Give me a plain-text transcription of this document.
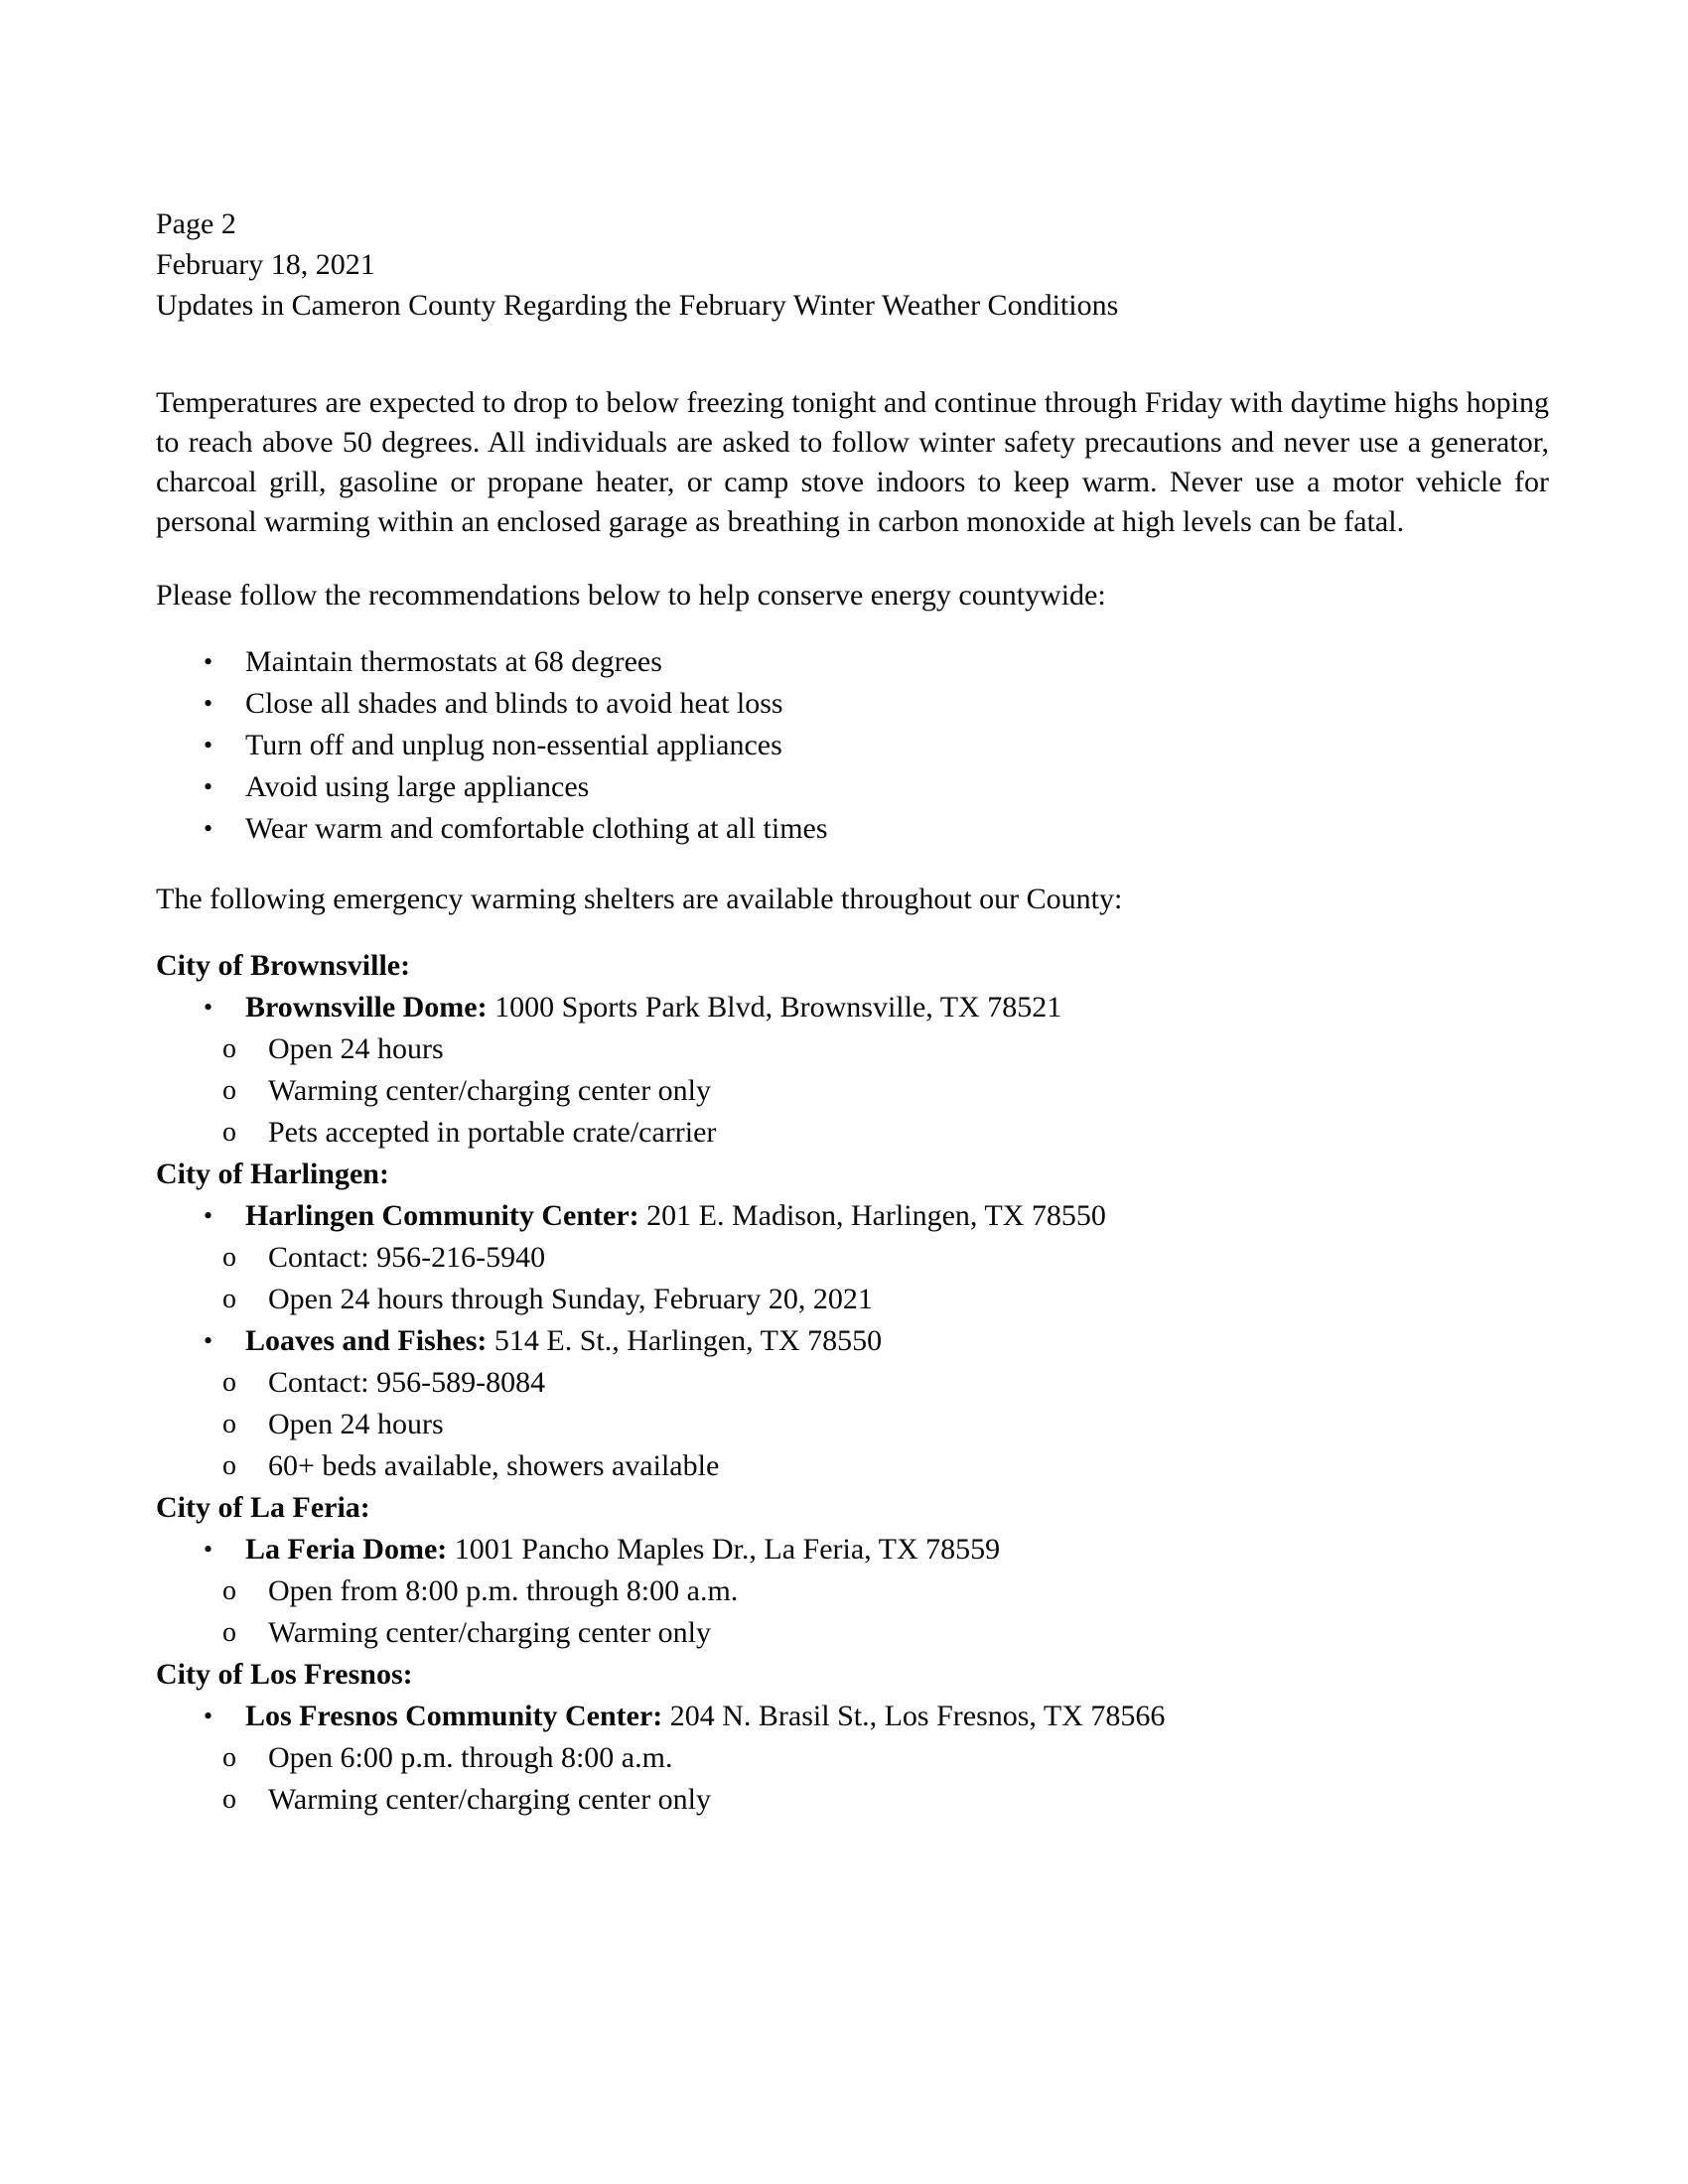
Page 2
February 18, 2021
Updates in Cameron County Regarding the February Winter Weather Conditions

Temperatures are expected to drop to below freezing tonight and continue through Friday with daytime highs hoping to reach above 50 degrees. All individuals are asked to follow winter safety precautions and never use a generator, charcoal grill, gasoline or propane heater, or camp stove indoors to keep warm. Never use a motor vehicle for personal warming within an enclosed garage as breathing in carbon monoxide at high levels can be fatal.

Please follow the recommendations below to help conserve energy countywide:

• Maintain thermostats at 68 degrees
• Close all shades and blinds to avoid heat loss
• Turn off and unplug non-essential appliances
• Avoid using large appliances
• Wear warm and comfortable clothing at all times

The following emergency warming shelters are available throughout our County:

City of Brownsville:
• Brownsville Dome: 1000 Sports Park Blvd, Brownsville, TX 78521
o Open 24 hours
o Warming center/charging center only
o Pets accepted in portable crate/carrier
City of Harlingen:
• Harlingen Community Center: 201 E. Madison, Harlingen, TX 78550
o Contact: 956-216-5940
o Open 24 hours through Sunday, February 20, 2021
• Loaves and Fishes: 514 E. St., Harlingen, TX 78550
o Contact: 956-589-8084
o Open 24 hours
o 60+ beds available, showers available
City of La Feria:
• La Feria Dome: 1001 Pancho Maples Dr., La Feria, TX 78559
o Open from 8:00 p.m. through 8:00 a.m.
o Warming center/charging center only
City of Los Fresnos:
• Los Fresnos Community Center: 204 N. Brasil St., Los Fresnos, TX 78566
o Open 6:00 p.m. through 8:00 a.m.
o Warming center/charging center only
